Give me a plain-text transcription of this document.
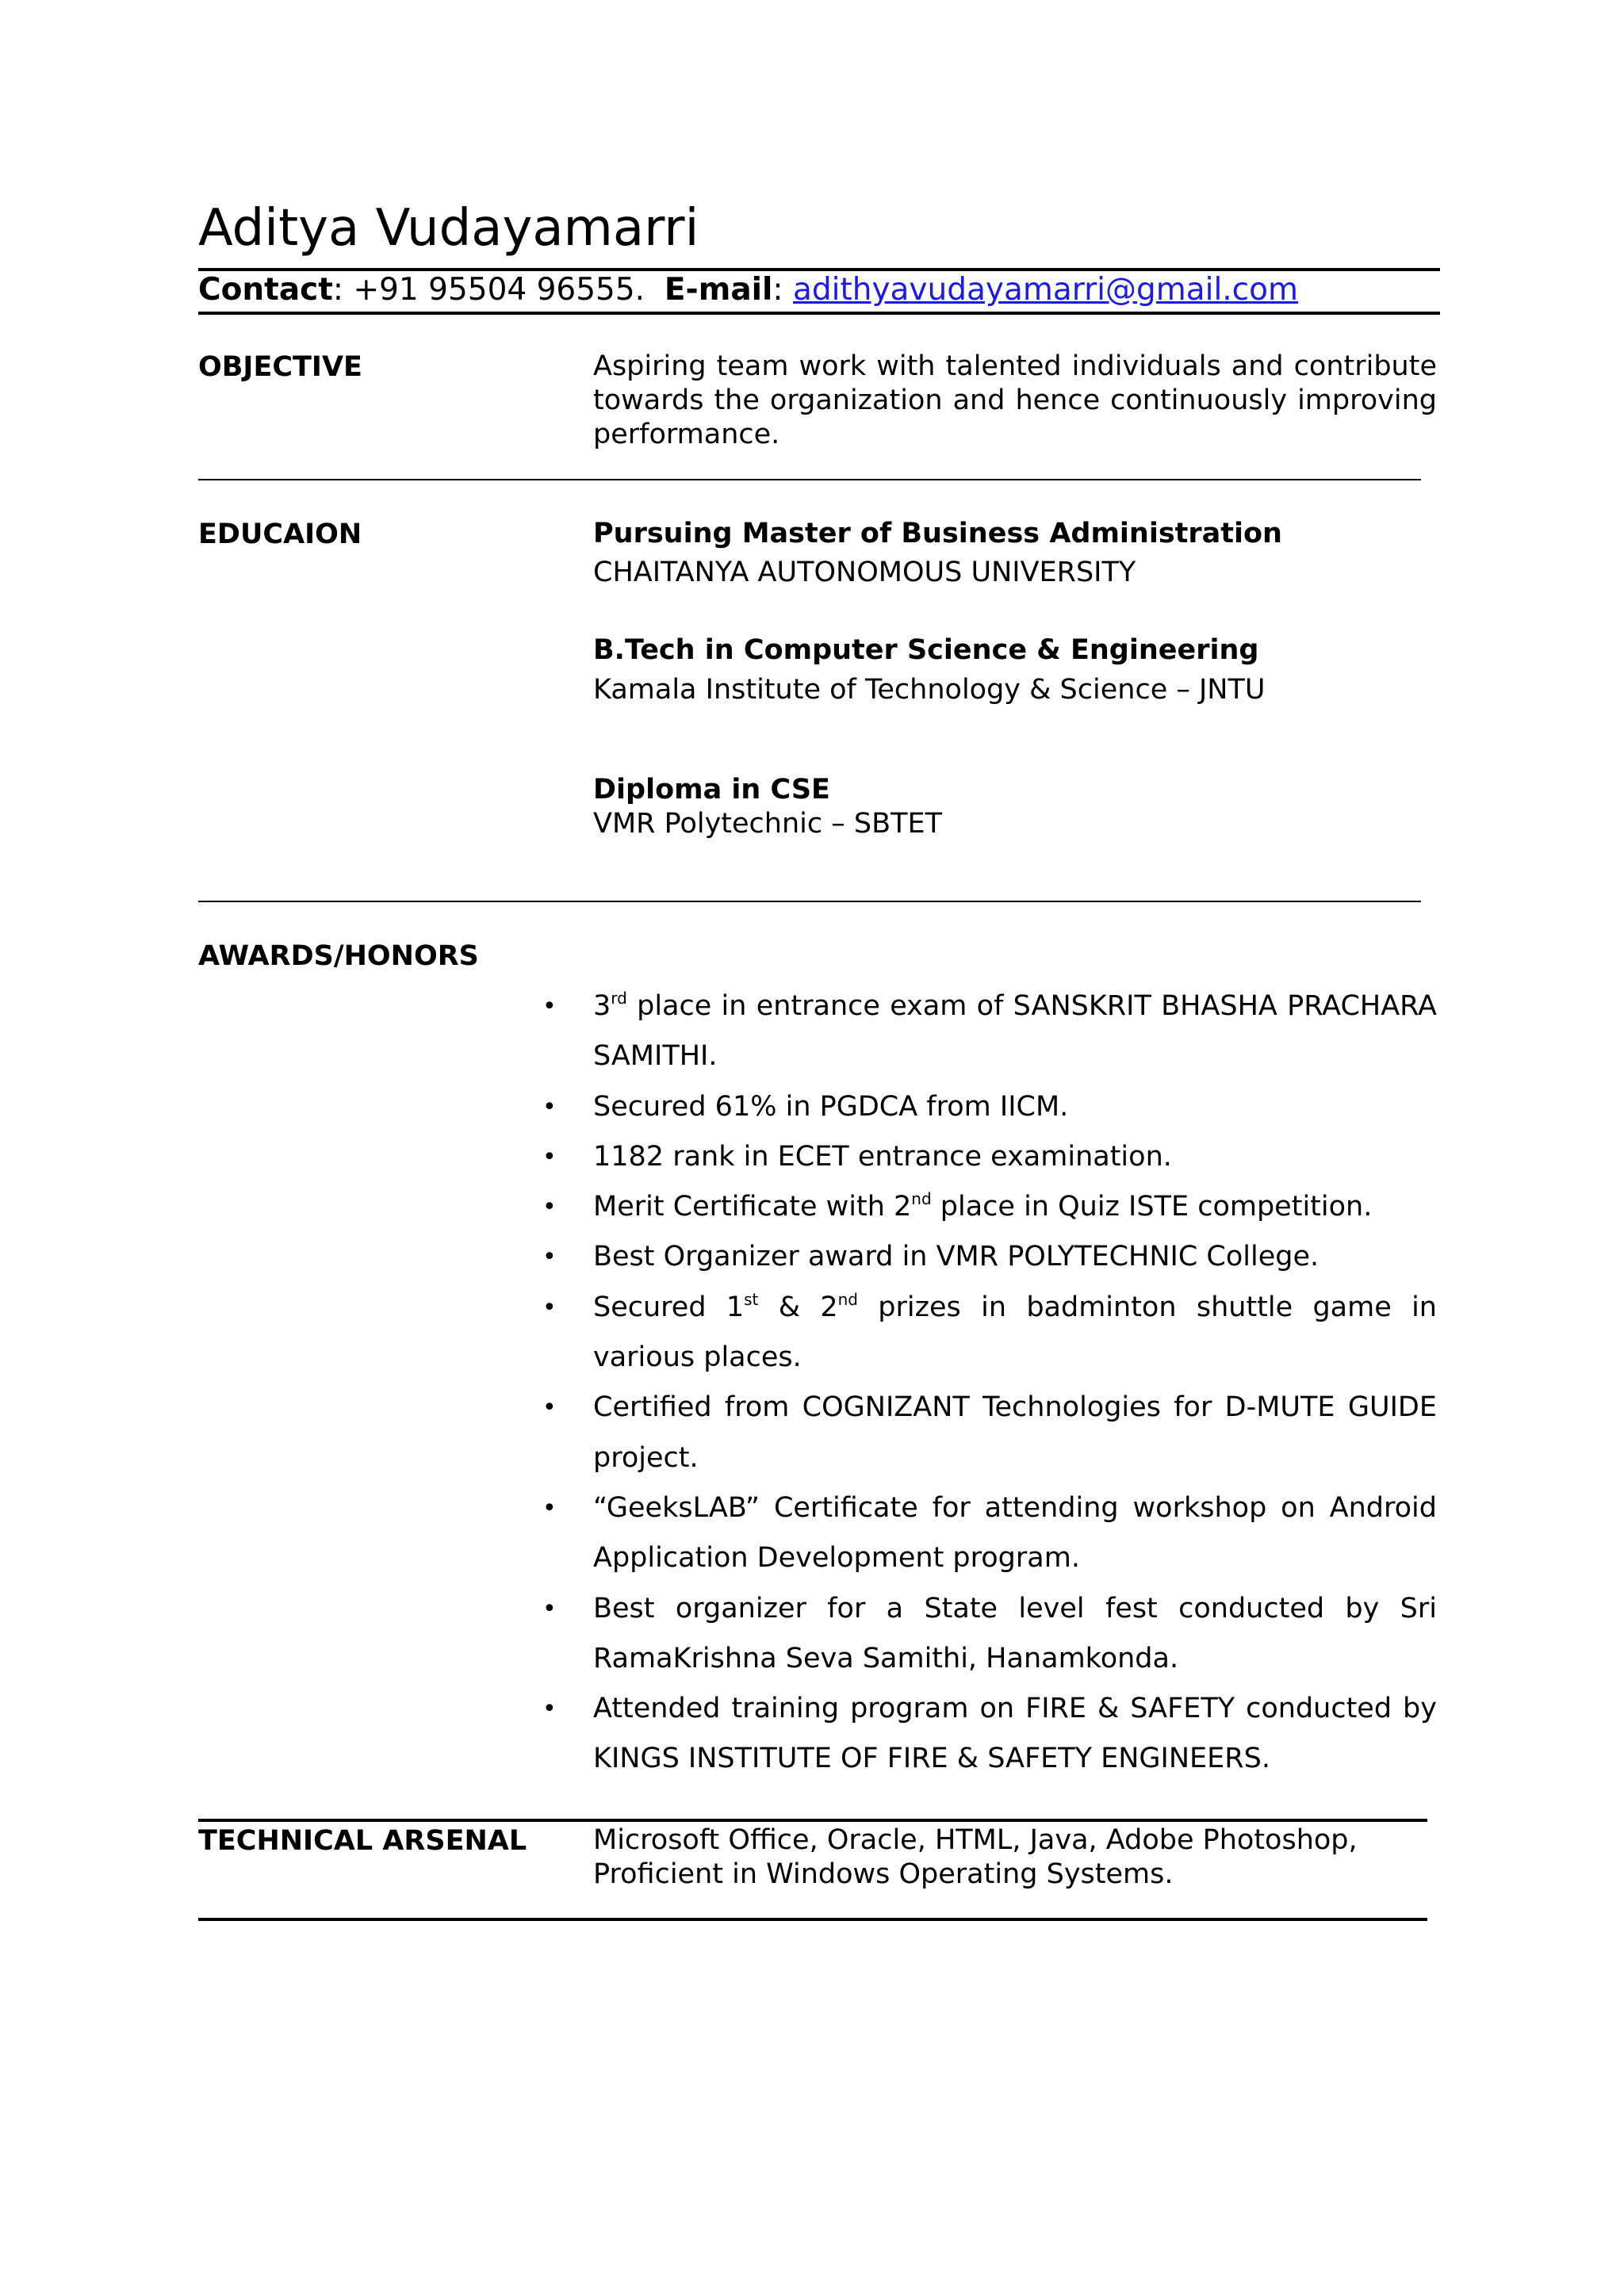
Aditya Vudayamarri
Contact: +91 95504 96555. E-mail: adithyavudayamarri@gmail.com
OBJECTIVE	Aspiring team work with talented individuals and contribute towards the organization and hence continuously improving performance.
EDUCAION	Pursuing Master of Business Administration
CHAITANYA AUTONOMOUS UNIVERSITY
B.Tech in Computer Science & Engineering
Kamala Institute of Technology & Science – JNTU
Diploma in CSE
VMR Polytechnic – SBTET
AWARDS/HONORS
• 3rd place in entrance exam of SANSKRIT BHASHA PRACHARA SAMITHI.
• Secured 61% in PGDCA from IICM.
• 1182 rank in ECET entrance examination.
• Merit Certificate with 2nd place in Quiz ISTE competition.
• Best Organizer award in VMR POLYTECHNIC College.
• Secured 1st & 2nd prizes in badminton shuttle game in various places.
• Certified from COGNIZANT Technologies for D-MUTE GUIDE project.
• “GeeksLAB” Certificate for attending workshop on Android Application Development program.
• Best organizer for a State level fest conducted by Sri RamaKrishna Seva Samithi, Hanamkonda.
• Attended training program on FIRE & SAFETY conducted by KINGS INSTITUTE OF FIRE & SAFETY ENGINEERS.
TECHNICAL ARSENAL Microsoft Office, Oracle, HTML, Java, Adobe Photoshop,
Proficient in Windows Operating Systems.
